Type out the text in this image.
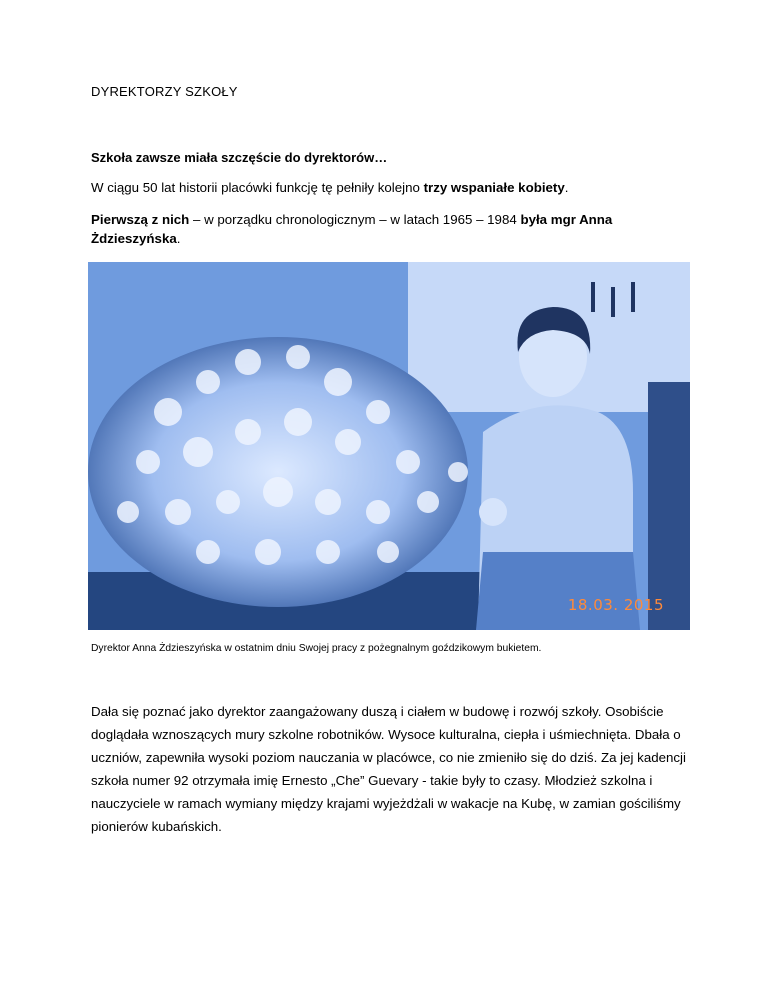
DYREKTORZY SZKOŁY

Szkoła zawsze miała szczęście do dyrektorów…

W ciągu 50 lat historii placówki funkcję tę pełniły kolejno trzy wspaniałe kobiety.

Pierwszą z nich – w porządku chronologicznym – w latach 1965 – 1984 była mgr Anna Żdzieszyńska.

18.03. 2015

Dyrektor Anna Żdzieszyńska w ostatnim dniu Swojej pracy z pożegnalnym goździkowym bukietem.

Dała się poznać jako dyrektor zaangażowany duszą i ciałem w budowę i rozwój szkoły. Osobiście doglądała wznoszących mury szkolne robotników. Wysoce kulturalna, ciepła i uśmiechnięta. Dbała o uczniów, zapewniła wysoki poziom nauczania w placówce, co nie zmieniło się do dziś. Za jej kadencji szkoła numer 92 otrzymała imię Ernesto „Che” Guevary - takie były to czasy. Młodzież szkolna i nauczyciele w ramach wymiany między krajami wyjeżdżali w wakacje na Kubę, w zamian gościliśmy pionierów kubańskich.
